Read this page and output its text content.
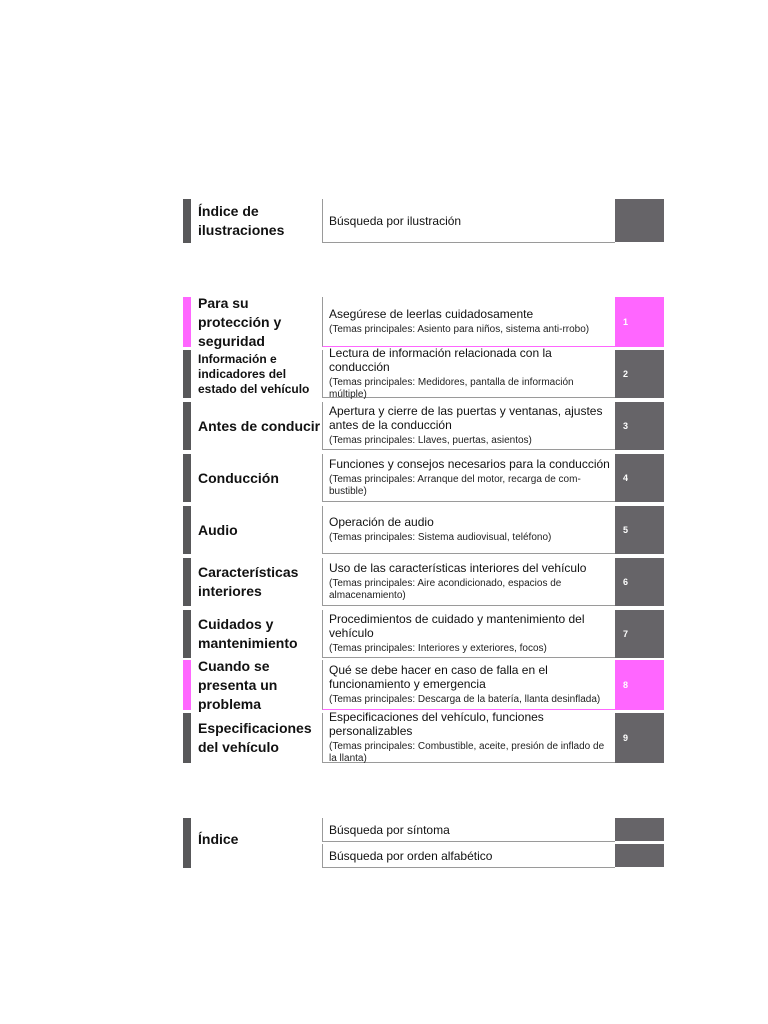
Índice de ilustraciones
Búsqueda por ilustración
Para su protección y seguridad
Asegúrese de leerlas cuidadosamente
(Temas principales: Asiento para niños, sistema anti-rrobo)
1
Información e indicadores del estado del vehículo
Lectura de información relacionada con la conducción
(Temas principales: Medidores, pantalla de información múltiple)
2
Antes de conducir
Apertura y cierre de las puertas y ventanas, ajustes antes de la conducción
(Temas principales: Llaves, puertas, asientos)
3
Conducción
Funciones y consejos necesarios para la conducción
(Temas principales: Arranque del motor, recarga de com-bustible)
4
Audio	Operación de audio
(Temas principales: Sistema audiovisual, teléfono)
5
Características interiores
Uso de las características interiores del vehículo
(Temas principales: Aire acondicionado, espacios de almacenamiento)
6
Cuidados y mantenimiento
Procedimientos de cuidado y mantenimiento del vehículo
(Temas principales: Interiores y exteriores, focos)
7
Cuando se presenta un problema
Qué se debe hacer en caso de falla en el funcionamiento y emergencia
(Temas principales: Descarga de la batería, llanta desinflada)
8
Especificaciones del vehículo
Especificaciones del vehículo, funciones personalizables
(Temas principales: Combustible, aceite, presión de inflado de la llanta)
9
Índice
Búsqueda por síntoma
Búsqueda por orden alfabético
